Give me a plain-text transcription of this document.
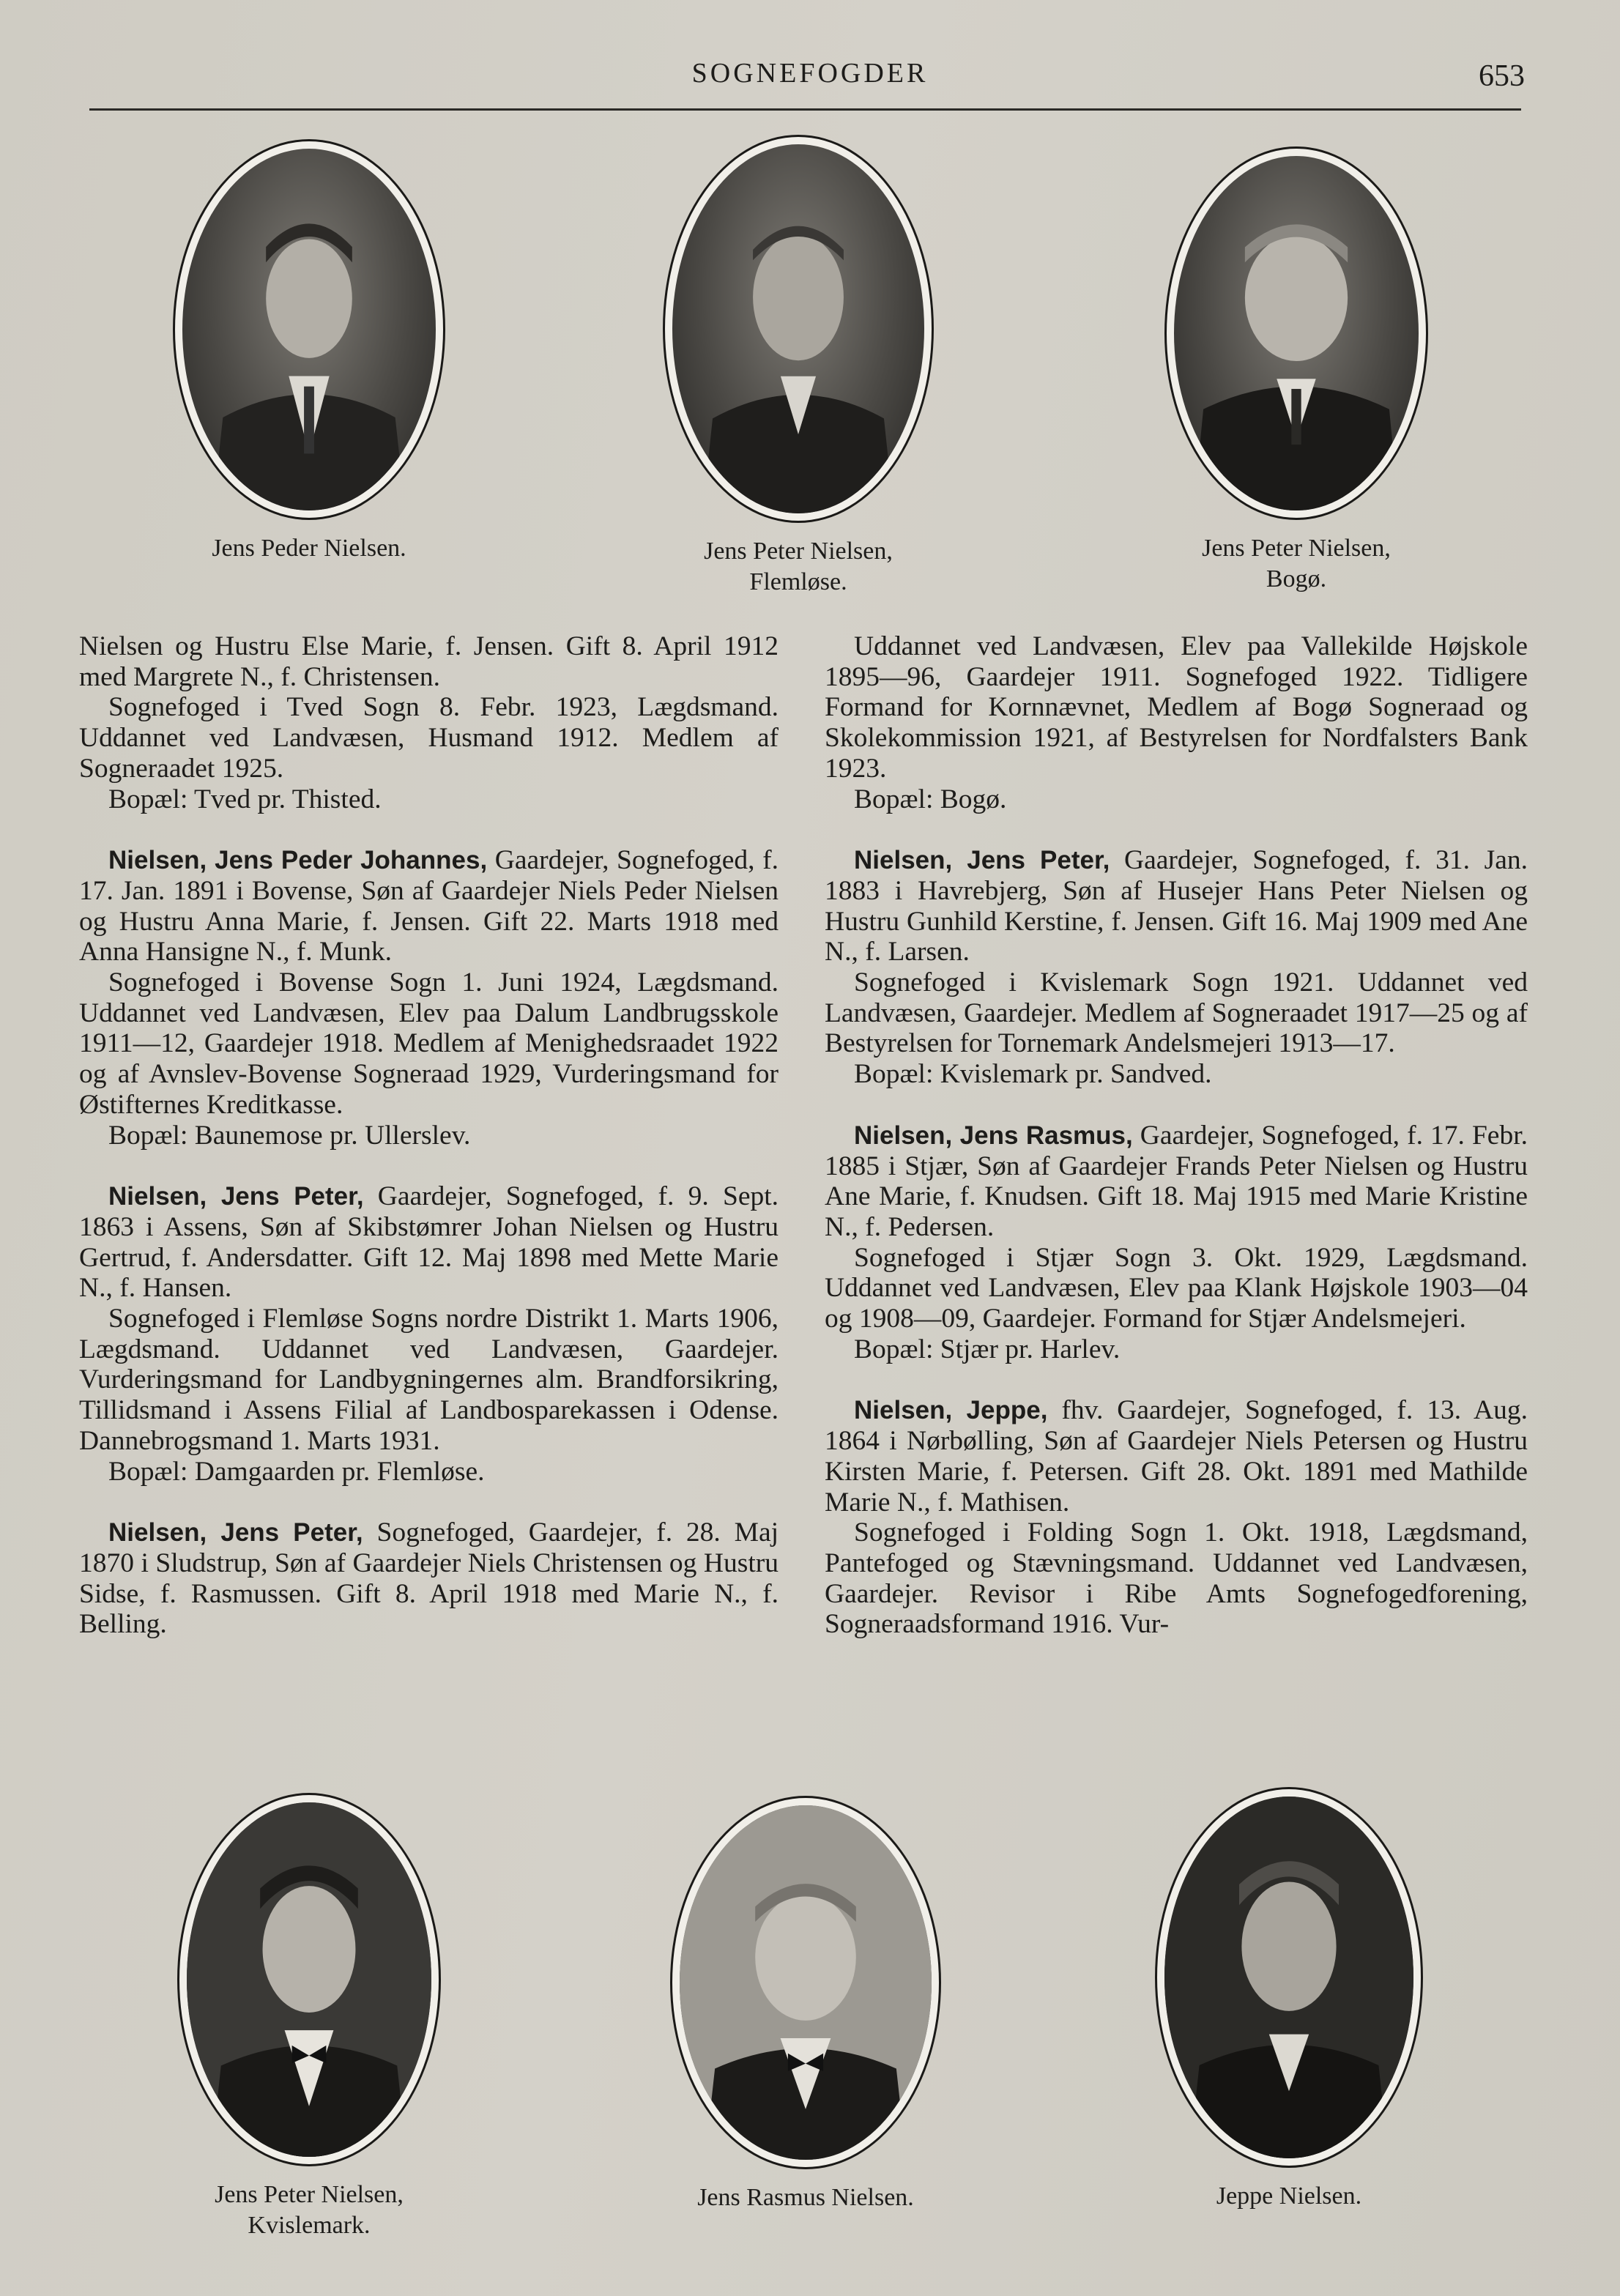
SOGNEFOGDER	653
Jens Peder Nielsen.	Jens Peter Nielsen,
Flemløse.
Jens Peter Nielsen,
Bogø.

Nielsen og Hustru Else Marie, f. Jensen. Gift 8. April 1912 med Margrete N., f. Christensen.

Sognefoged i Tved Sogn 8. Febr. 1923, Lægdsmand. Uddannet ved Landvæsen, Husmand 1912. Medlem af Sogneraadet 1925.

Bopæl: Tved pr. Thisted.

Nielsen, Jens Peder Johannes, Gaardejer, Sognefoged, f. 17. Jan. 1891 i Bovense, Søn af Gaardejer Niels Peder Nielsen og Hustru Anna Marie, f. Jensen. Gift 22. Marts 1918 med Anna Hansigne N., f. Munk.

Sognefoged i Bovense Sogn 1. Juni 1924, Lægdsmand. Uddannet ved Landvæsen, Elev paa Dalum Landbrugsskole 1911—12, Gaardejer 1918. Medlem af Menighedsraadet 1922 og af Avnslev-Bovense Sogneraad 1929, Vurderingsmand for Østifternes Kreditkasse.

Bopæl: Baunemose pr. Ullerslev.

Nielsen, Jens Peter, Gaardejer, Sognefoged, f. 9. Sept. 1863 i Assens, Søn af Skibstømrer Johan Nielsen og Hustru Gertrud, f. Andersdatter. Gift 12. Maj 1898 med Mette Marie N., f. Hansen.

Sognefoged i Flemløse Sogns nordre Distrikt 1. Marts 1906, Lægdsmand. Uddannet ved Landvæsen, Gaardejer. Vurderingsmand for Landbygningernes alm. Brandforsikring, Tillidsmand i Assens Filial af Landbosparekassen i Odense. Dannebrogsmand 1. Marts 1931.

Bopæl: Damgaarden pr. Flemløse.

Nielsen, Jens Peter, Sognefoged, Gaardejer, f. 28. Maj 1870 i Sludstrup, Søn af Gaardejer Niels Christensen og Hustru Sidse, f. Rasmussen. Gift 8. April 1918 med Marie N., f. Belling.

Uddannet ved Landvæsen, Elev paa Vallekilde Højskole 1895—96, Gaardejer 1911. Sognefoged 1922. Tidligere Formand for Kornnævnet, Medlem af Bogø Sogneraad og Skolekommission 1921, af Bestyrelsen for Nordfalsters Bank 1923.

Bopæl: Bogø.

Nielsen, Jens Peter, Gaardejer, Sognefoged, f. 31. Jan. 1883 i Havrebjerg, Søn af Husejer Hans Peter Nielsen og Hustru Gunhild Kerstine, f. Jensen. Gift 16. Maj 1909 med Ane N., f. Larsen.

Sognefoged i Kvislemark Sogn 1921. Uddannet ved Landvæsen, Gaardejer. Medlem af Sogneraadet 1917—25 og af Bestyrelsen for Tornemark Andelsmejeri 1913—17.

Bopæl: Kvislemark pr. Sandved.

Nielsen, Jens Rasmus, Gaardejer, Sognefoged, f. 17. Febr. 1885 i Stjær, Søn af Gaardejer Frands Peter Nielsen og Hustru Ane Marie, f. Knudsen. Gift 18. Maj 1915 med Marie Kristine N., f. Pedersen.

Sognefoged i Stjær Sogn 3. Okt. 1929, Lægdsmand. Uddannet ved Landvæsen, Elev paa Klank Højskole 1903—04 og 1908—09, Gaardejer. Formand for Stjær Andelsmejeri.

Bopæl: Stjær pr. Harlev.

Nielsen, Jeppe, fhv. Gaardejer, Sognefoged, f. 13. Aug. 1864 i Nørbølling, Søn af Gaardejer Niels Petersen og Hustru Kirsten Marie, f. Petersen. Gift 28. Okt. 1891 med Mathilde Marie N., f. Mathisen.

Sognefoged i Folding Sogn 1. Okt. 1918, Lægdsmand, Pantefoged og Stævningsmand. Uddannet ved Landvæsen, Gaardejer. Revisor i Ribe Amts Sognefogedforening, Sogneraadsformand 1916. Vur-

Jens Peter Nielsen,
Kvislemark.
Jens Rasmus Nielsen.	Jeppe Nielsen.
